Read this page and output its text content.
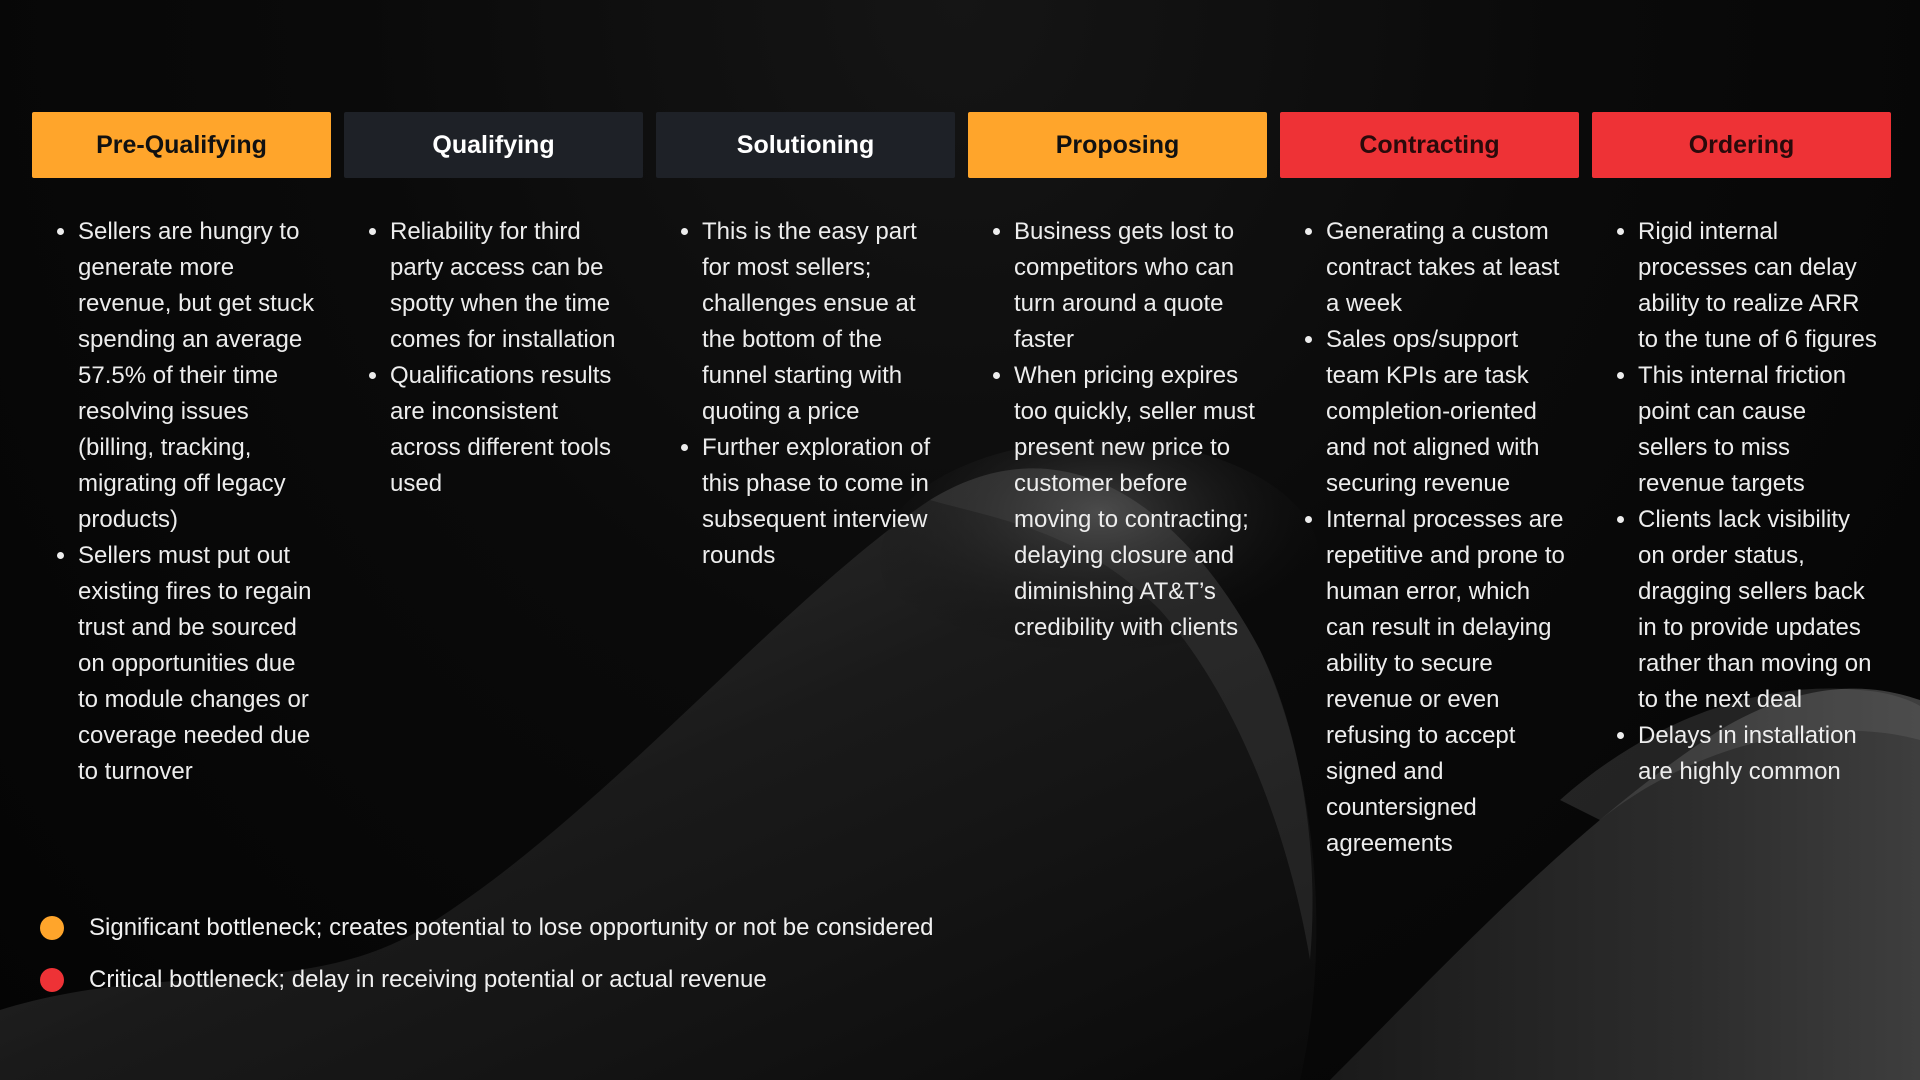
Pre-Qualifying
• Sellers are hungry to generate more revenue, but get stuck spending an average 57.5% of their time resolving issues (billing, tracking, migrating off legacy products)
• Sellers must put out existing fires to regain trust and be sourced on opportunities due to module changes or coverage needed due to turnover
Qualifying
• Reliability for third party access can be spotty when the time comes for installation
• Qualifications results are inconsistent across different tools used
Solutioning
• This is the easy part for most sellers; challenges ensue at the bottom of the funnel starting with quoting a price
• Further exploration of this phase to come in subsequent interview rounds
Proposing
• Business gets lost to competitors who can turn around a quote faster
• When pricing expires too quickly, seller must present new price to customer before moving to contracting; delaying closure and diminishing AT&T’s credibility with clients
Contracting
• Generating a custom contract takes at least a week
• Sales ops/support team KPIs are task completion-oriented and not aligned with securing revenue
• Internal processes are repetitive and prone to human error, which can result in delaying ability to secure revenue or even refusing to accept signed and countersigned agreements
Ordering
• Rigid internal processes can delay ability to realize ARR to the tune of 6 figures
• This internal friction point can cause sellers to miss revenue targets
• Clients lack visibility on order status, dragging sellers back in to provide updates rather than moving on to the next deal
• Delays in installation are highly common
Significant bottleneck; creates potential to lose opportunity or not be considered
Critical bottleneck; delay in receiving potential or actual revenue
